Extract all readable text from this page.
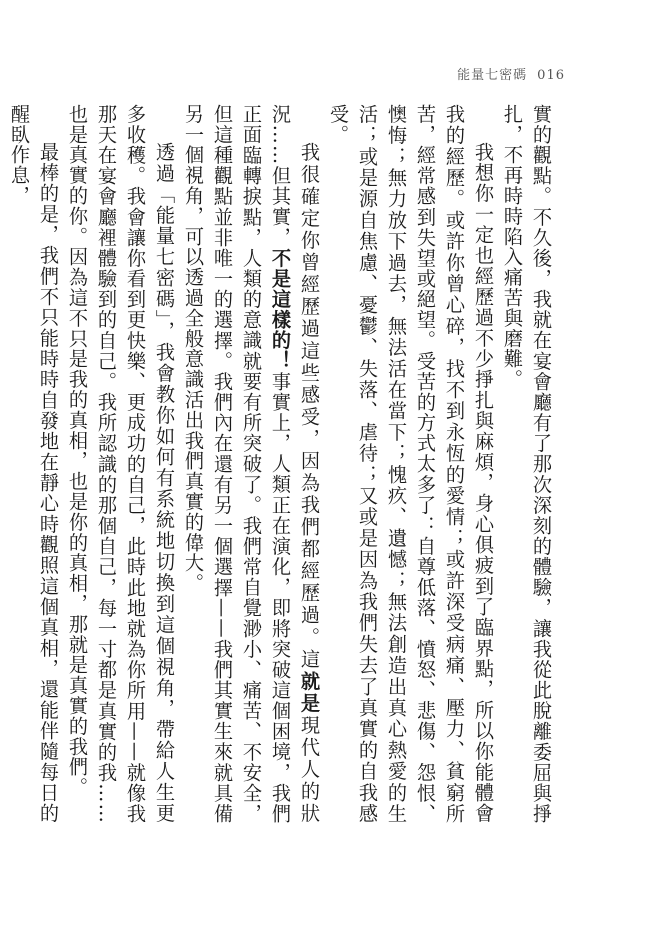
能量七密碼 016

實的觀點。不久後，我就在宴會廳有了那次深刻的體驗，讓我從此脫離委屈與掙扎，不再時時陷入痛苦與磨難。

我想你一定也經歷過不少掙扎與麻煩，身心俱疲到了臨界點，所以你能體會我的經歷。或許你曾心碎，找不到永恆的愛情；或許深受病痛、壓力、貧窮所苦，經常感到失望或絕望。受苦的方式太多了：自尊低落、憤怒、悲傷、怨恨、懊悔；無力放下過去，無法活在當下；愧疚、遺憾；無法創造出真心熱愛的生活；或是源自焦慮、憂鬱、失落、虐待；又或是因為我們失去了真實的自我感受。

我很確定你曾經歷過這些感受，因為我們都經歷過。這就是現代人的狀況……但其實，不是這樣的！事實上，人類正在演化，即將突破這個困境，我們正面臨轉捩點，人類的意識就要有所突破了。我們常自覺渺小、痛苦、不安全，但這種觀點並非唯一的選擇。我們內在還有另一個選擇——我們其實生來就具備另一個視角，可以透過全般意識活出我們真實的偉大。

透過「能量七密碼」，我會教你如何有系統地切換到這個視角，帶給人生更多收穫。我會讓你看到更快樂、更成功的自己，此時此地就為你所用——就像我那天在宴會廳裡體驗到的自己。我所認識的那個自己，每一寸都是真實的我……也是真實的你。因為這不只是我的真相，也是你的真相，那就是真實的我們。

最棒的是，我們不只能時時自發地在靜心時觀照這個真相，還能伴隨每日的醒臥作息，
